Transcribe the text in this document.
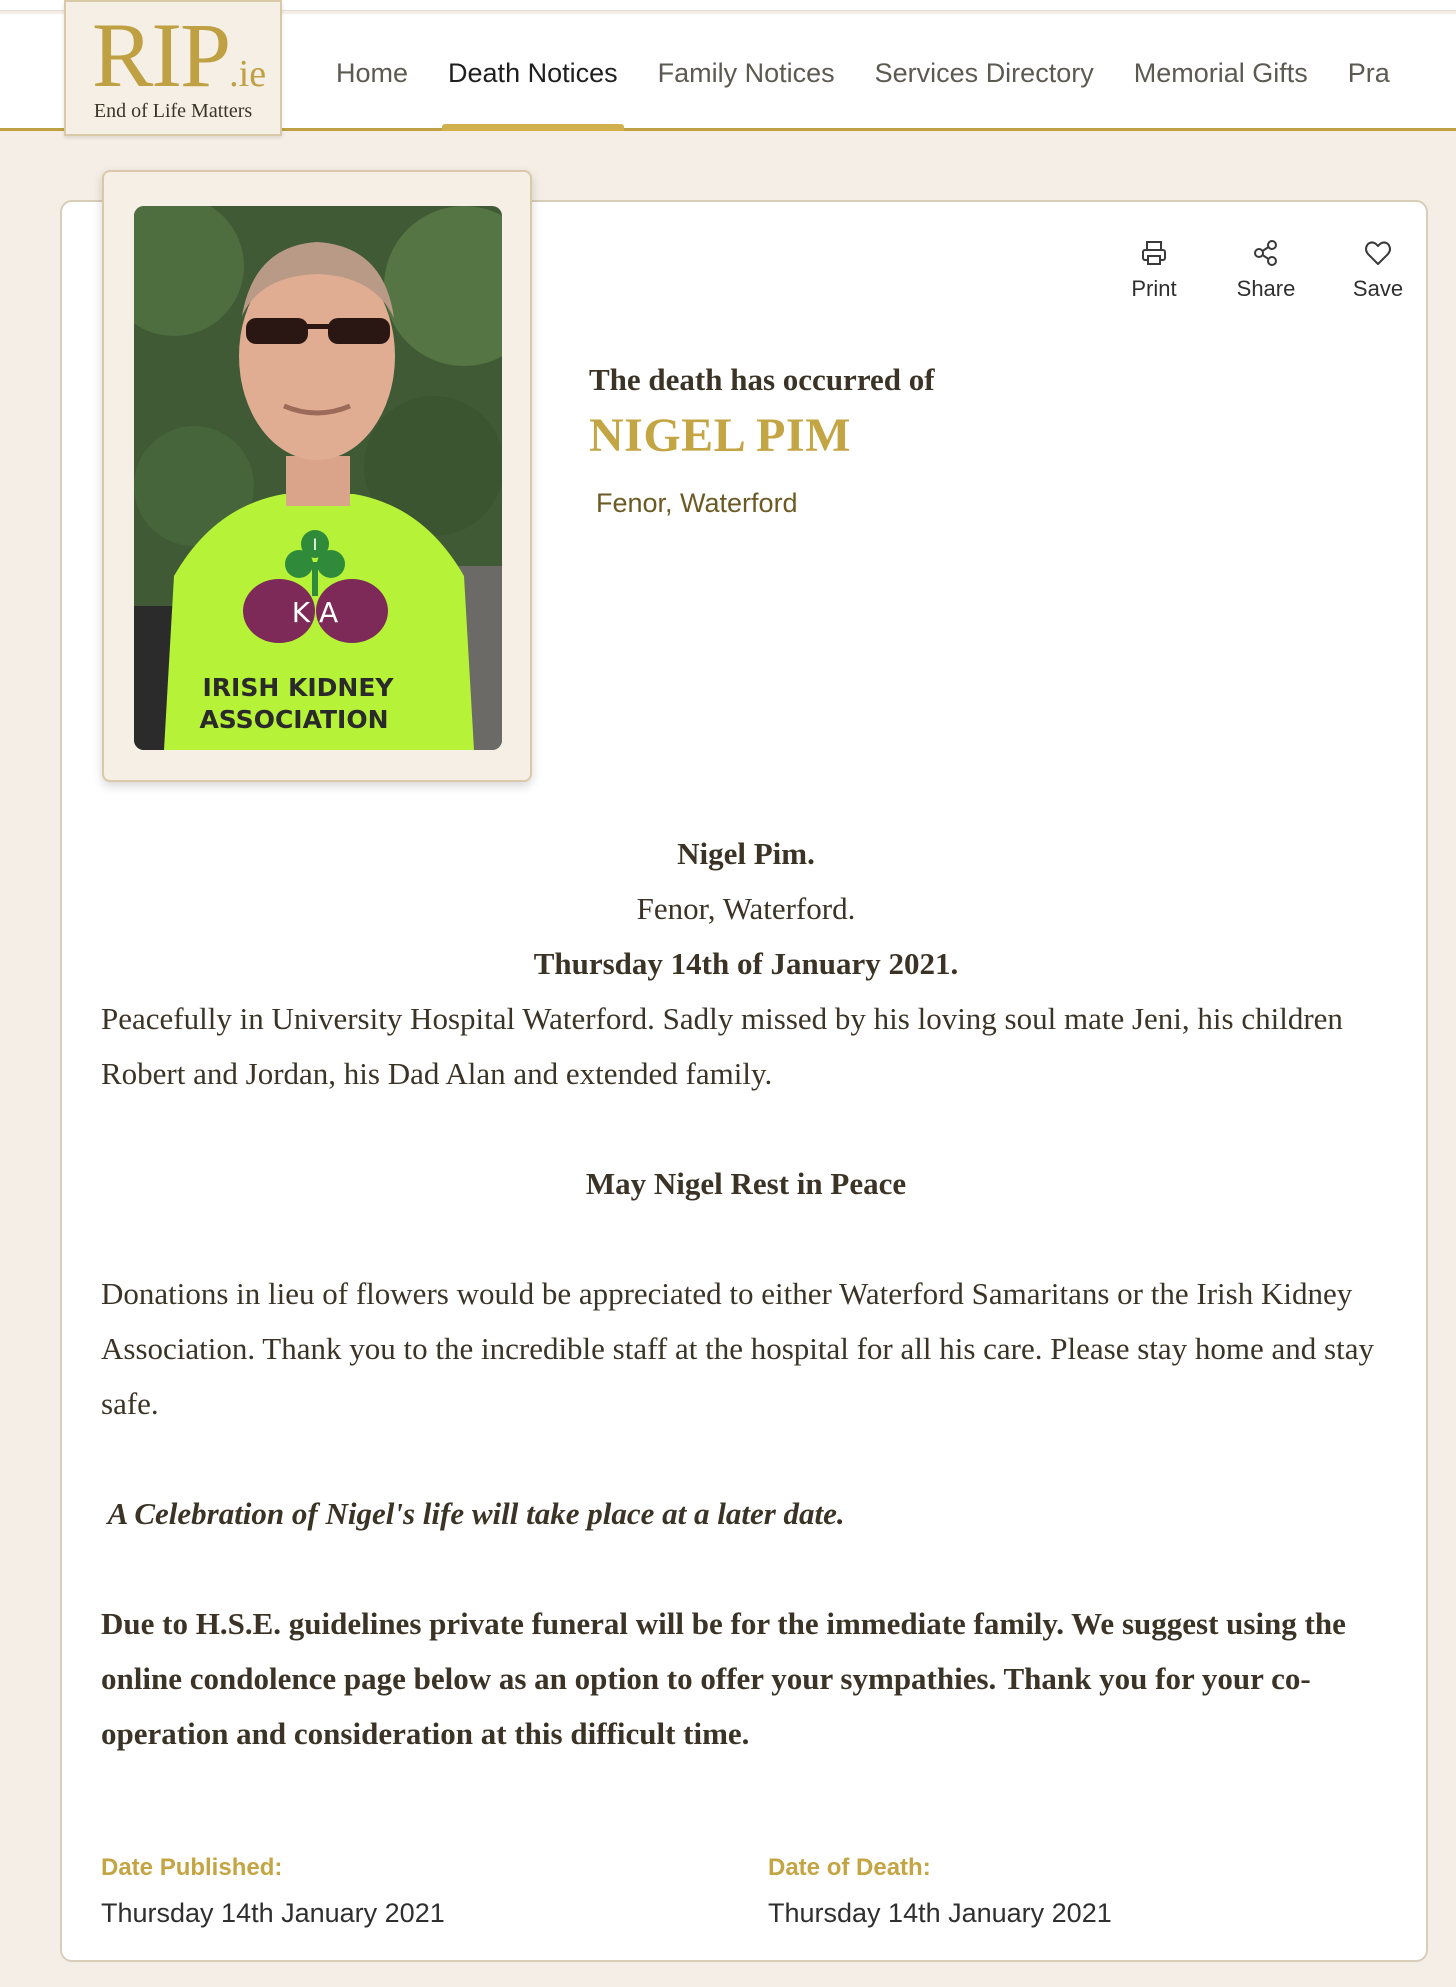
RIP.ie
End of Life Matters
Home	Death Notices	Family Notices	Services Directory	Memorial Gifts	Pra
I
K A
IRISH KIDNEY
ASSOCIATION
Print	Share	Save
The death has occurred of
NIGEL PIM
Fenor, Waterford
Nigel Pim.
Fenor, Waterford.
Thursday 14th of January 2021.

Peacefully in University Hospital Waterford. Sadly missed by his loving soul mate Jeni, his children Robert and Jordan, his Dad Alan and extended family.

May Nigel Rest in Peace

Donations in lieu of flowers would be appreciated to either Waterford Samaritans or the Irish Kidney Association. Thank you to the incredible staff at the hospital for all his care. Please stay home and stay safe.

A Celebration of Nigel's life will take place at a later date.

Due to H.S.E. guidelines private funeral will be for the immediate family. We suggest using the online condolence page below as an option to offer your sympathies. Thank you for your co-operation and consideration at this difficult time.

Date Published:
Thursday 14th January 2021
Date of Death:
Thursday 14th January 2021
